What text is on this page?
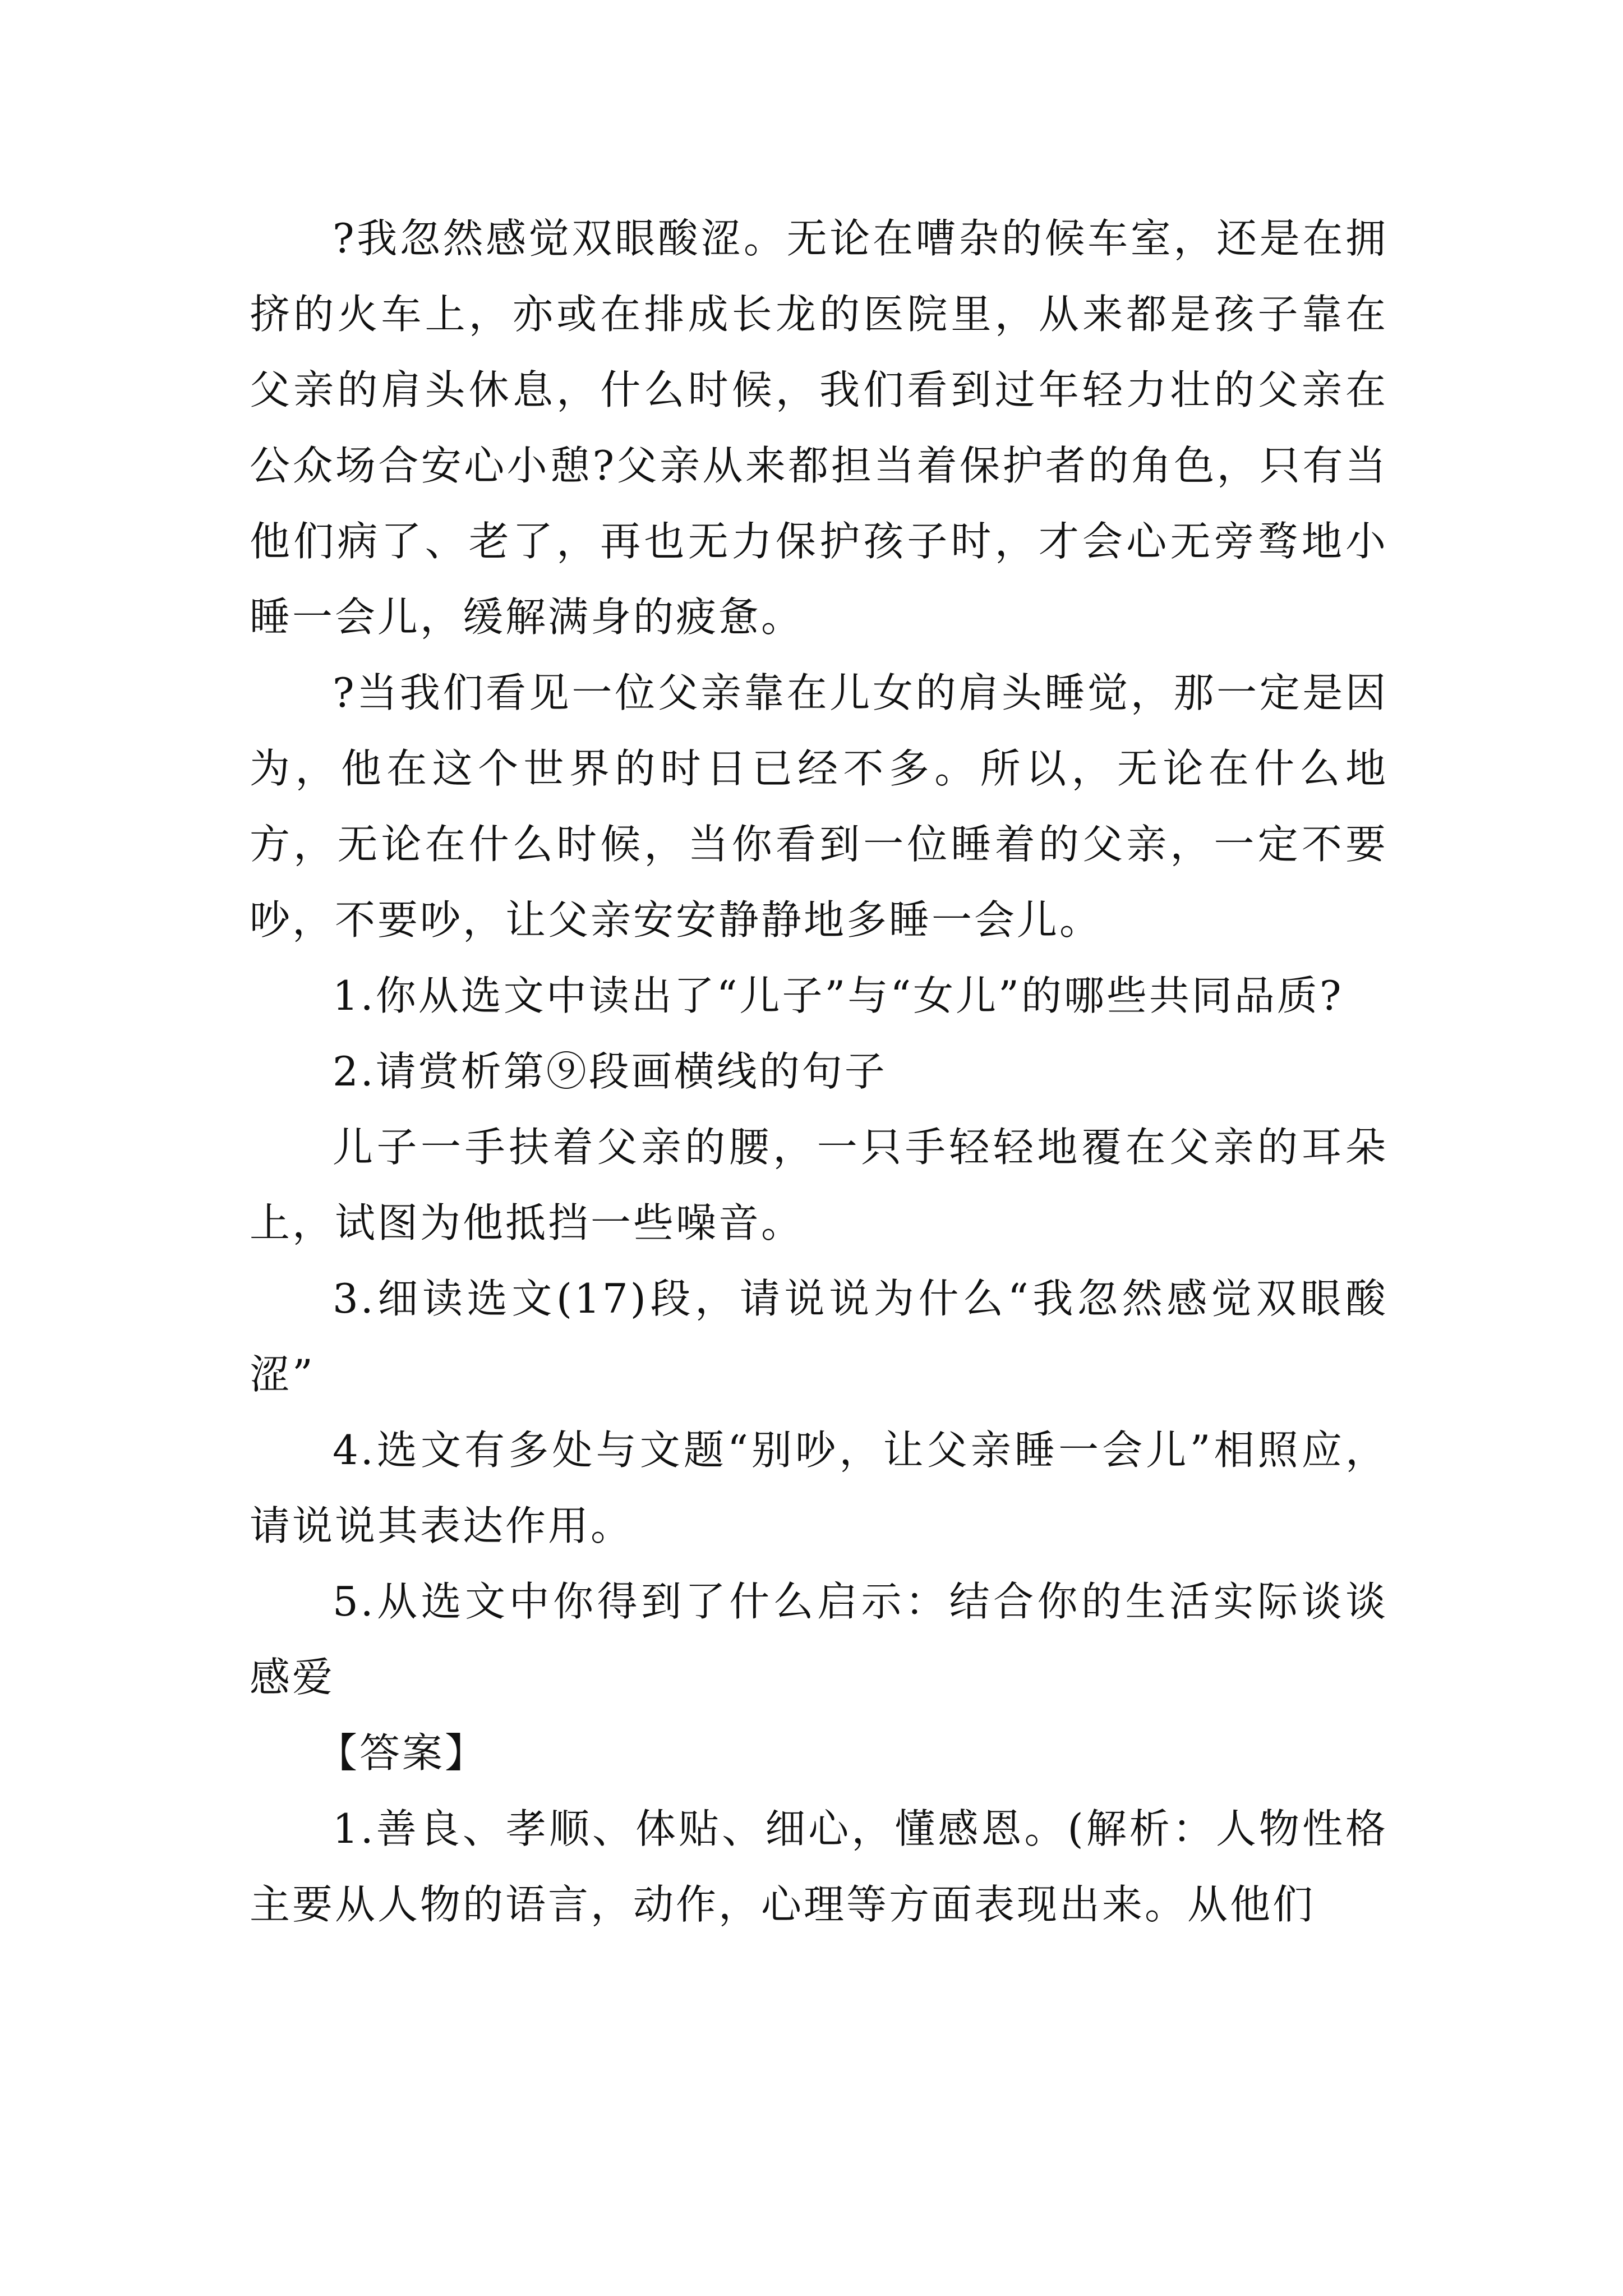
?我忽然感觉双眼酸涩。无论在嘈杂的候车室，还是在拥挤的火车上，亦或在排成长龙的医院里，从来都是孩子靠在父亲的肩头休息，什么时候，我们看到过年轻力壮的父亲在公众场合安心小憩?父亲从来都担当着保护者的角色，只有当他们病了、老了，再也无力保护孩子时，才会心无旁骛地小睡一会儿，缓解满身的疲惫。

?当我们看见一位父亲靠在儿女的肩头睡觉，那一定是因为，他在这个世界的时日已经不多。所以，无论在什么地方，无论在什么时候，当你看到一位睡着的父亲，一定不要吵，不要吵，让父亲安安静静地多睡一会儿。

1.你从选文中读出了“儿子”与“女儿”的哪些共同品质?

2.请赏析第⑨段画横线的句子

儿子一手扶着父亲的腰，一只手轻轻地覆在父亲的耳朵上，试图为他抵挡一些噪音。

3.细读选文(17)段，请说说为什么“我忽然感觉双眼酸涩”

4.选文有多处与文题“别吵，让父亲睡一会儿”相照应，请说说其表达作用。

5.从选文中你得到了什么启示：结合你的生活实际谈谈感爱

【答案】

1.善良、孝顺、体贴、细心，懂感恩。(解析：人物性格主要从人物的语言，动作，心理等方面表现出来。从他们
